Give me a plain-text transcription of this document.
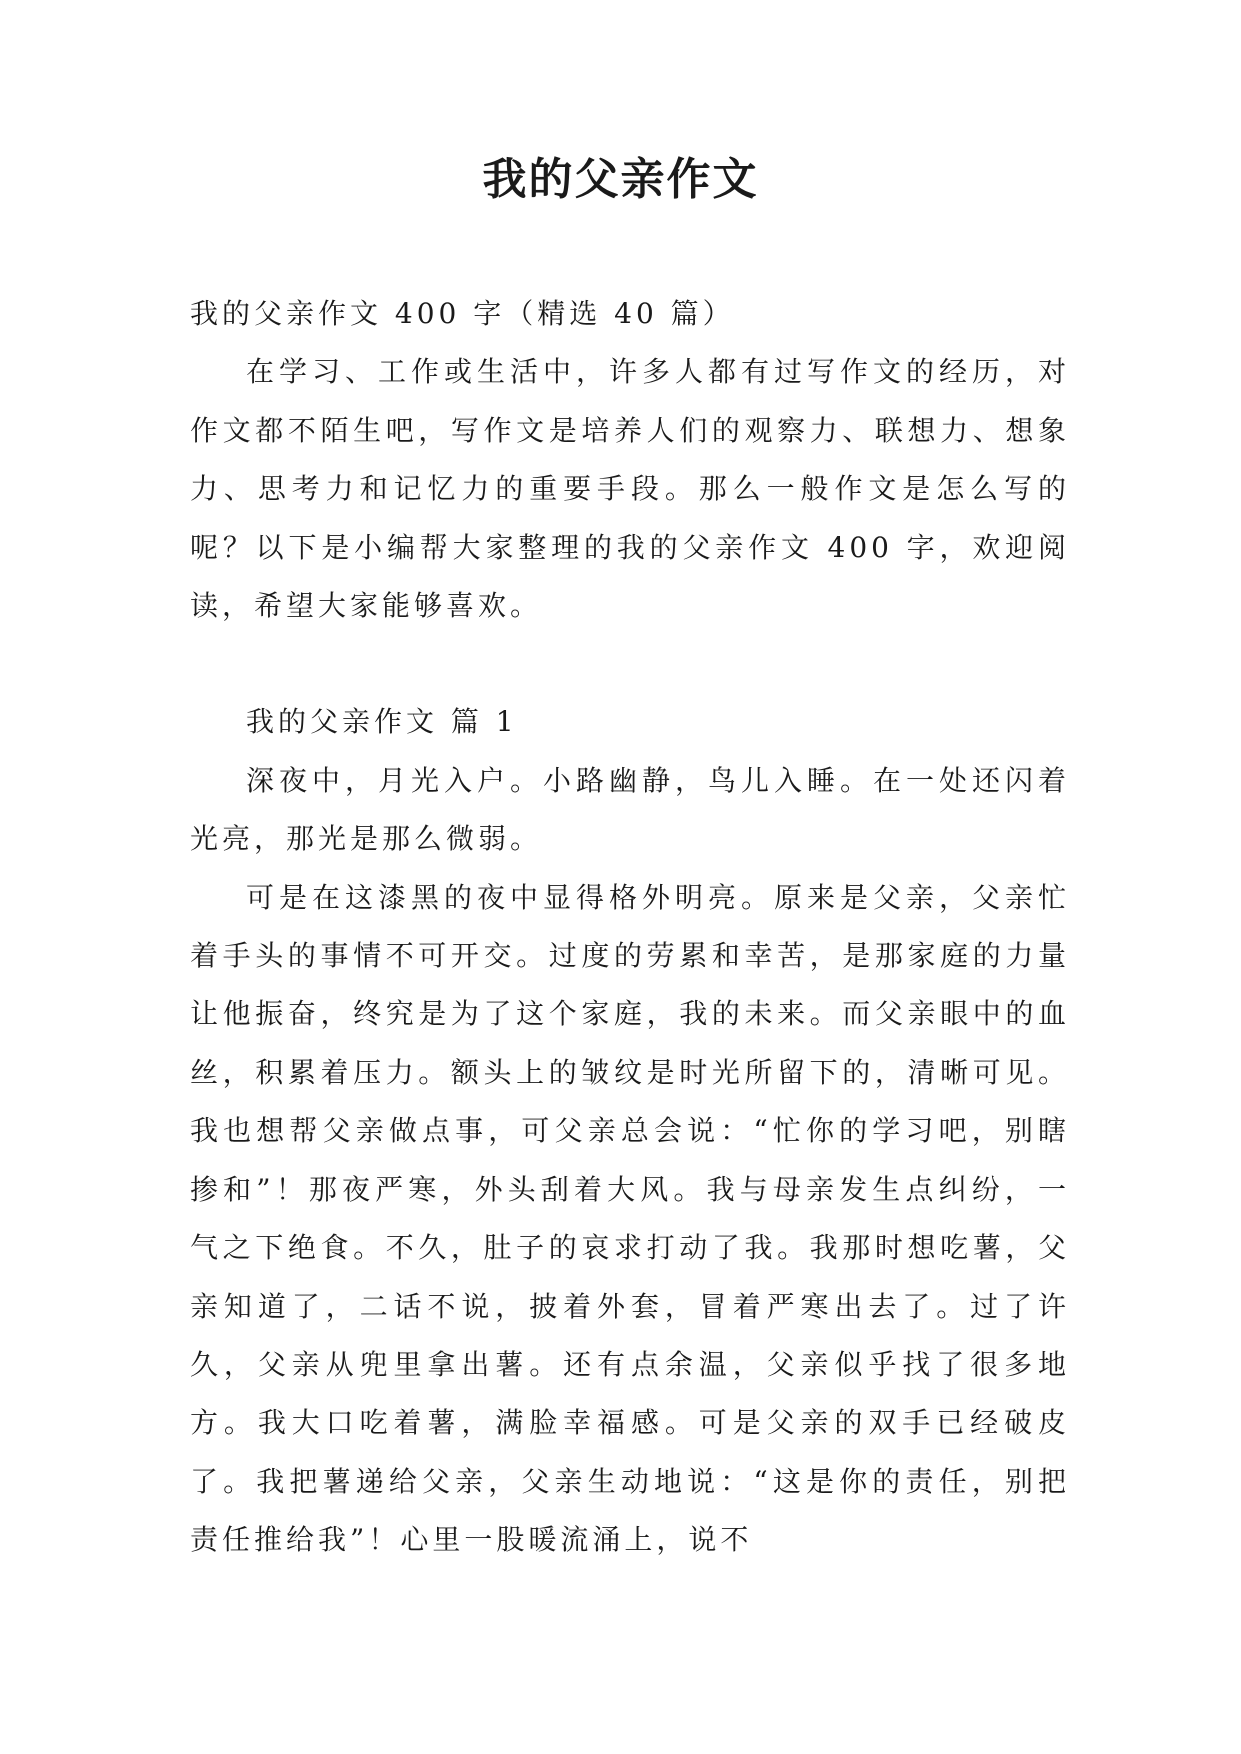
我的父亲作文

我的父亲作文 400 字（精选 40 篇）

在学习、工作或生活中，许多人都有过写作文的经历，对作文都不陌生吧，写作文是培养人们的观察力、联想力、想象力、思考力和记忆力的重要手段。那么一般作文是怎么写的呢？以下是小编帮大家整理的我的父亲作文 400 字，欢迎阅读，希望大家能够喜欢。

我的父亲作文 篇 1

深夜中，月光入户。小路幽静，鸟儿入睡。在一处还闪着光亮，那光是那么微弱。

可是在这漆黑的夜中显得格外明亮。原来是父亲，父亲忙着手头的事情不可开交。过度的劳累和幸苦，是那家庭的力量让他振奋，终究是为了这个家庭，我的未来。而父亲眼中的血丝，积累着压力。额头上的皱纹是时光所留下的，清晰可见。我也想帮父亲做点事，可父亲总会说：“忙你的学习吧，别瞎掺和”！那夜严寒，外头刮着大风。我与母亲发生点纠纷，一气之下绝食。不久，肚子的哀求打动了我。我那时想吃薯，父亲知道了，二话不说，披着外套，冒着严寒出去了。过了许久，父亲从兜里拿出薯。还有点余温，父亲似乎找了很多地方。我大口吃着薯，满脸幸福感。可是父亲的双手已经破皮了。我把薯递给父亲，父亲生动地说：“这是你的责任，别把责任推给我”！心里一股暖流涌上，说不
